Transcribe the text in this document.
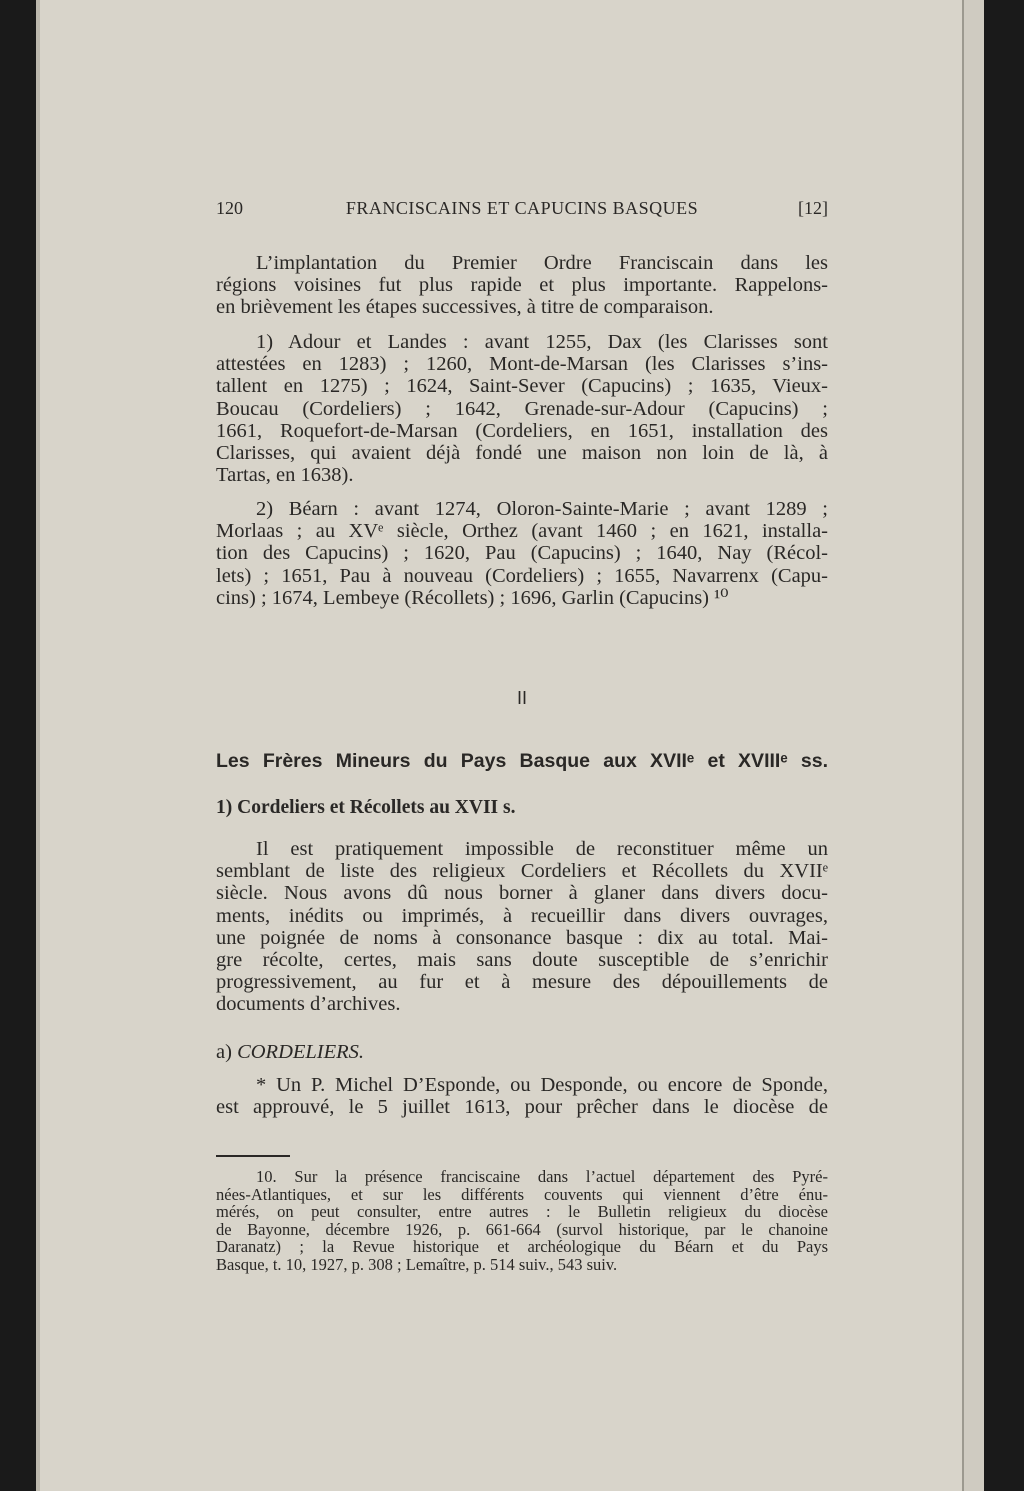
120	FRANCISCAINS ET CAPUCINS BASQUES	[12]
L’implantation du Premier Ordre Franciscain dans les
régions voisines fut plus rapide et plus importante. Rappelons-
en brièvement les étapes successives, à titre de comparaison.
1) Adour et Landes : avant 1255, Dax (les Clarisses sont
attestées en 1283) ; 1260, Mont-de-Marsan (les Clarisses s’ins-
tallent en 1275) ; 1624, Saint-Sever (Capucins) ; 1635, Vieux-
Boucau (Cordeliers) ; 1642, Grenade-sur-Adour (Capucins) ;
1661, Roquefort-de-Marsan (Cordeliers, en 1651, installation des
Clarisses, qui avaient déjà fondé une maison non loin de là, à
Tartas, en 1638).
2) Béarn : avant 1274, Oloron-Sainte-Marie ; avant 1289 ;
Morlaas ; au XVᵉ siècle, Orthez (avant 1460 ; en 1621, installa-
tion des Capucins) ; 1620, Pau (Capucins) ; 1640, Nay (Récol-
lets) ; 1651, Pau à nouveau (Cordeliers) ; 1655, Navarrenx (Capu-
cins) ; 1674, Lembeye (Récollets) ; 1696, Garlin (Capucins) ¹⁰
II
Les Frères Mineurs du Pays Basque aux XVIIᵉ et XVIIIᵉ ss.
1) Cordeliers et Récollets au XVII s.
Il est pratiquement impossible de reconstituer même un
semblant de liste des religieux Cordeliers et Récollets du XVIIᵉ
siècle. Nous avons dû nous borner à glaner dans divers docu-
ments, inédits ou imprimés, à recueillir dans divers ouvrages,
une poignée de noms à consonance basque : dix au total. Mai-
gre récolte, certes, mais sans doute susceptible de s’enrichir
progressivement, au fur et à mesure des dépouillements de
documents d’archives.
a) CORDELIERS.
* Un P. Michel D’Esponde, ou Desponde, ou encore de Sponde,
est approuvé, le 5 juillet 1613, pour prêcher dans le diocèse de
10. Sur la présence franciscaine dans l’actuel département des Pyré-
nées-Atlantiques, et sur les différents couvents qui viennent d’être énu-
mérés, on peut consulter, entre autres : le Bulletin religieux du diocèse
de Bayonne, décembre 1926, p. 661-664 (survol historique, par le chanoine
Daranatz) ; la Revue historique et archéologique du Béarn et du Pays
Basque, t. 10, 1927, p. 308 ; Lemaître, p. 514 suiv., 543 suiv.
